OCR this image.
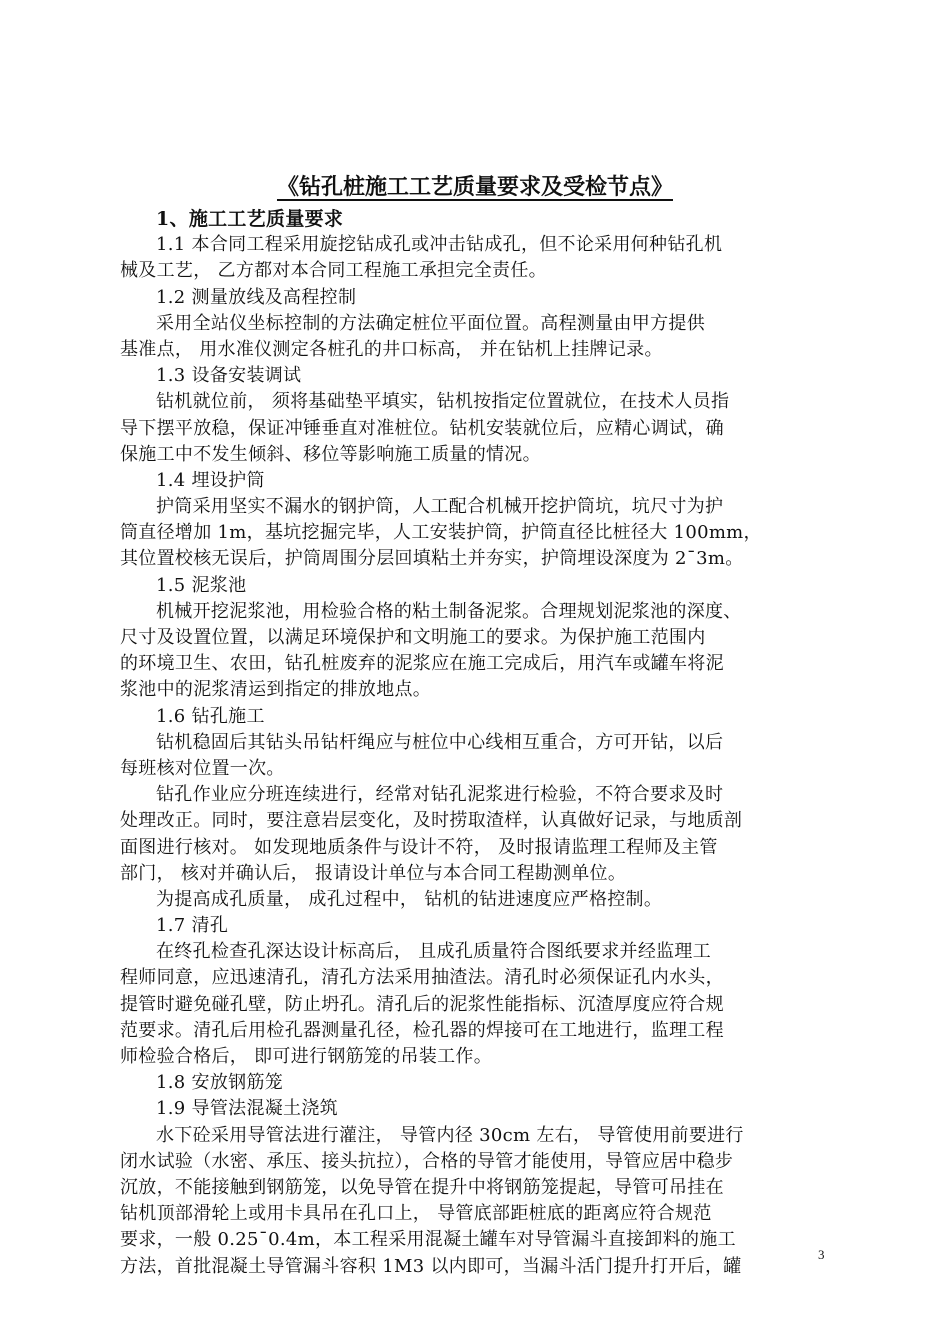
《钻孔桩施工工艺质量要求及受检节点》
1、施工工艺质量要求
1.1 本合同工程采用旋挖钻成孔或冲击钻成孔，但不论采用何种钻孔机
械及工艺， 乙方都对本合同工程施工承担完全责任。
1.2 测量放线及高程控制
采用全站仪坐标控制的方法确定桩位平面位置。高程测量由甲方提供
基准点， 用水准仪测定各桩孔的井口标高， 并在钻机上挂牌记录。
1.3 设备安装调试
钻机就位前， 须将基础垫平填实，钻机按指定位置就位，在技术人员指
导下摆平放稳，保证冲锤垂直对准桩位。钻机安装就位后，应精心调试，确
保施工中不发生倾斜、移位等影响施工质量的情况。
1.4 埋设护筒
护筒采用坚实不漏水的钢护筒，人工配合机械开挖护筒坑，坑尺寸为护
筒直径增加 1m，基坑挖掘完毕，人工安装护筒，护筒直径比桩径大 100mm，
其位置校核无误后，护筒周围分层回填粘土并夯实，护筒埋设深度为 2¯3m。
1.5 泥浆池
机械开挖泥浆池，用检验合格的粘土制备泥浆。合理规划泥浆池的深度、
尺寸及设置位置，以满足环境保护和文明施工的要求。为保护施工范围内
的环境卫生、农田，钻孔桩废弃的泥浆应在施工完成后，用汽车或罐车将泥
浆池中的泥浆清运到指定的排放地点。
1.6 钻孔施工
钻机稳固后其钻头吊钻杆绳应与桩位中心线相互重合，方可开钻，以后
每班核对位置一次。
钻孔作业应分班连续进行，经常对钻孔泥浆进行检验，不符合要求及时
处理改正。同时，要注意岩层变化，及时捞取渣样，认真做好记录，与地质剖
面图进行核对。 如发现地质条件与设计不符， 及时报请监理工程师及主管
部门， 核对并确认后， 报请设计单位与本合同工程勘测单位。
为提高成孔质量， 成孔过程中， 钻机的钻进速度应严格控制。
1.7 清孔
在终孔检查孔深达设计标高后， 且成孔质量符合图纸要求并经监理工
程师同意，应迅速清孔，清孔方法采用抽渣法。清孔时必须保证孔内水头，
提管时避免碰孔壁，防止坍孔。清孔后的泥浆性能指标、沉渣厚度应符合规
范要求。清孔后用检孔器测量孔径，检孔器的焊接可在工地进行，监理工程
师检验合格后， 即可进行钢筋笼的吊装工作。
1.8 安放钢筋笼
1.9 导管法混凝土浇筑
水下砼采用导管法进行灌注， 导管内径 30cm 左右， 导管使用前要进行
闭水试验（水密、承压、接头抗拉），合格的导管才能使用，导管应居中稳步
沉放，不能接触到钢筋笼，以免导管在提升中将钢筋笼提起，导管可吊挂在
钻机顶部滑轮上或用卡具吊在孔口上， 导管底部距桩底的距离应符合规范
要求，一般 0.25¯0.4m，本工程采用混凝土罐车对导管漏斗直接卸料的施工
方法，首批混凝土导管漏斗容积 1M3 以内即可，当漏斗活门提升打开后，罐
3
